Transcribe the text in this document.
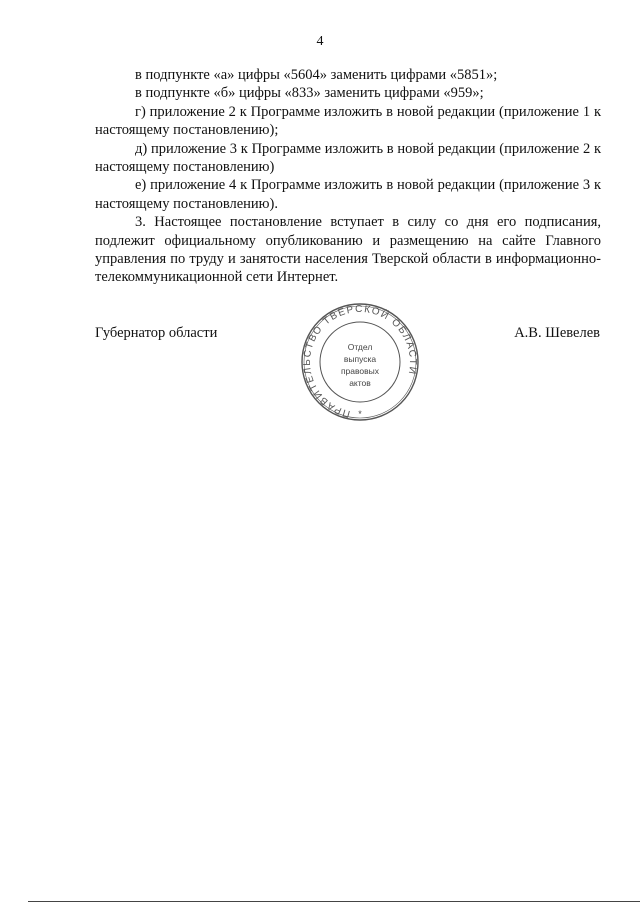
4

в подпункте «а» цифры «5604» заменить цифрами «5851»;

в подпункте «б» цифры «833» заменить цифрами «959»;

г) приложение 2 к Программе изложить в новой редакции (приложение 1 к настоящему постановлению);

д) приложение 3 к Программе изложить в новой редакции (приложение 2 к настоящему постановлению)

е) приложение 4 к Программе изложить в новой редакции (приложение 3 к настоящему постановлению).

3. Настоящее постановление вступает в силу со дня его подписания, подлежит официальному опубликованию и размещению на сайте Главного управления по труду и занятости населения Тверской области в информационно-телекоммуникационной сети Интернет.

Губернатор области	А.В. Шевелев
ПРАВИТЕЛЬСТВО ТВЕРСКОЙ ОБЛАСТИ
Отдел
выпуска
правовых
актов
*
